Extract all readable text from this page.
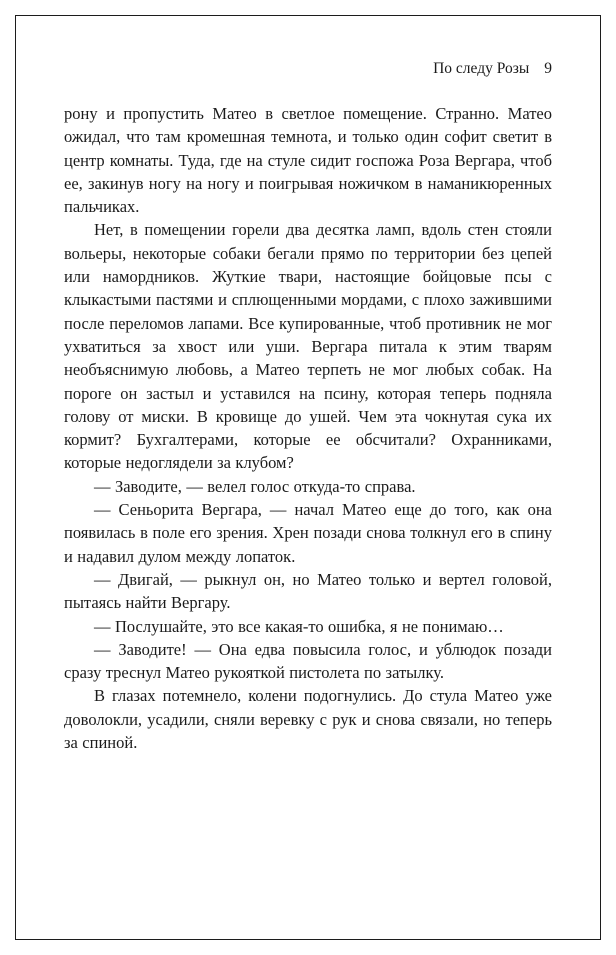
По следу Розы 9

рону и пропустить Матео в светлое помещение. Странно. Матео ожидал, что там кромешная темнота, и только один софит светит в центр комнаты. Туда, где на стуле сидит госпожа Роза Вергара, чтоб ее, закинув ногу на ногу и поигрывая ножичком в наманикюренных пальчиках.

Нет, в помещении горели два десятка ламп, вдоль стен стояли вольеры, некоторые собаки бегали прямо по территории без цепей или намордников. Жуткие твари, настоящие бойцовые псы с клыкастыми пастями и сплющенными мордами, с плохо зажившими после переломов лапами. Все купированные, чтоб противник не мог ухватиться за хвост или уши. Вергара питала к этим тварям необъяснимую любовь, а Матео терпеть не мог любых собак. На пороге он застыл и уставился на псину, которая теперь подняла голову от миски. В кровище до ушей. Чем эта чокнутая сука их кормит? Бухгалтерами, которые ее обсчитали? Охранниками, которые недоглядели за клубом?

— Заводите, — велел голос откуда-то справа.

— Сеньорита Вергара, — начал Матео еще до того, как она появилась в поле его зрения. Хрен позади снова толкнул его в спину и надавил дулом между лопаток.

— Двигай, — рыкнул он, но Матео только и вертел головой, пытаясь найти Вергару.

— Послушайте, это все какая-то ошибка, я не понимаю…

— Заводите! — Она едва повысила голос, и ублюдок позади сразу треснул Матео рукояткой пистолета по затылку.

В глазах потемнело, колени подогнулись. До стула Матео уже доволокли, усадили, сняли веревку с рук и снова связали, но теперь за спиной.
